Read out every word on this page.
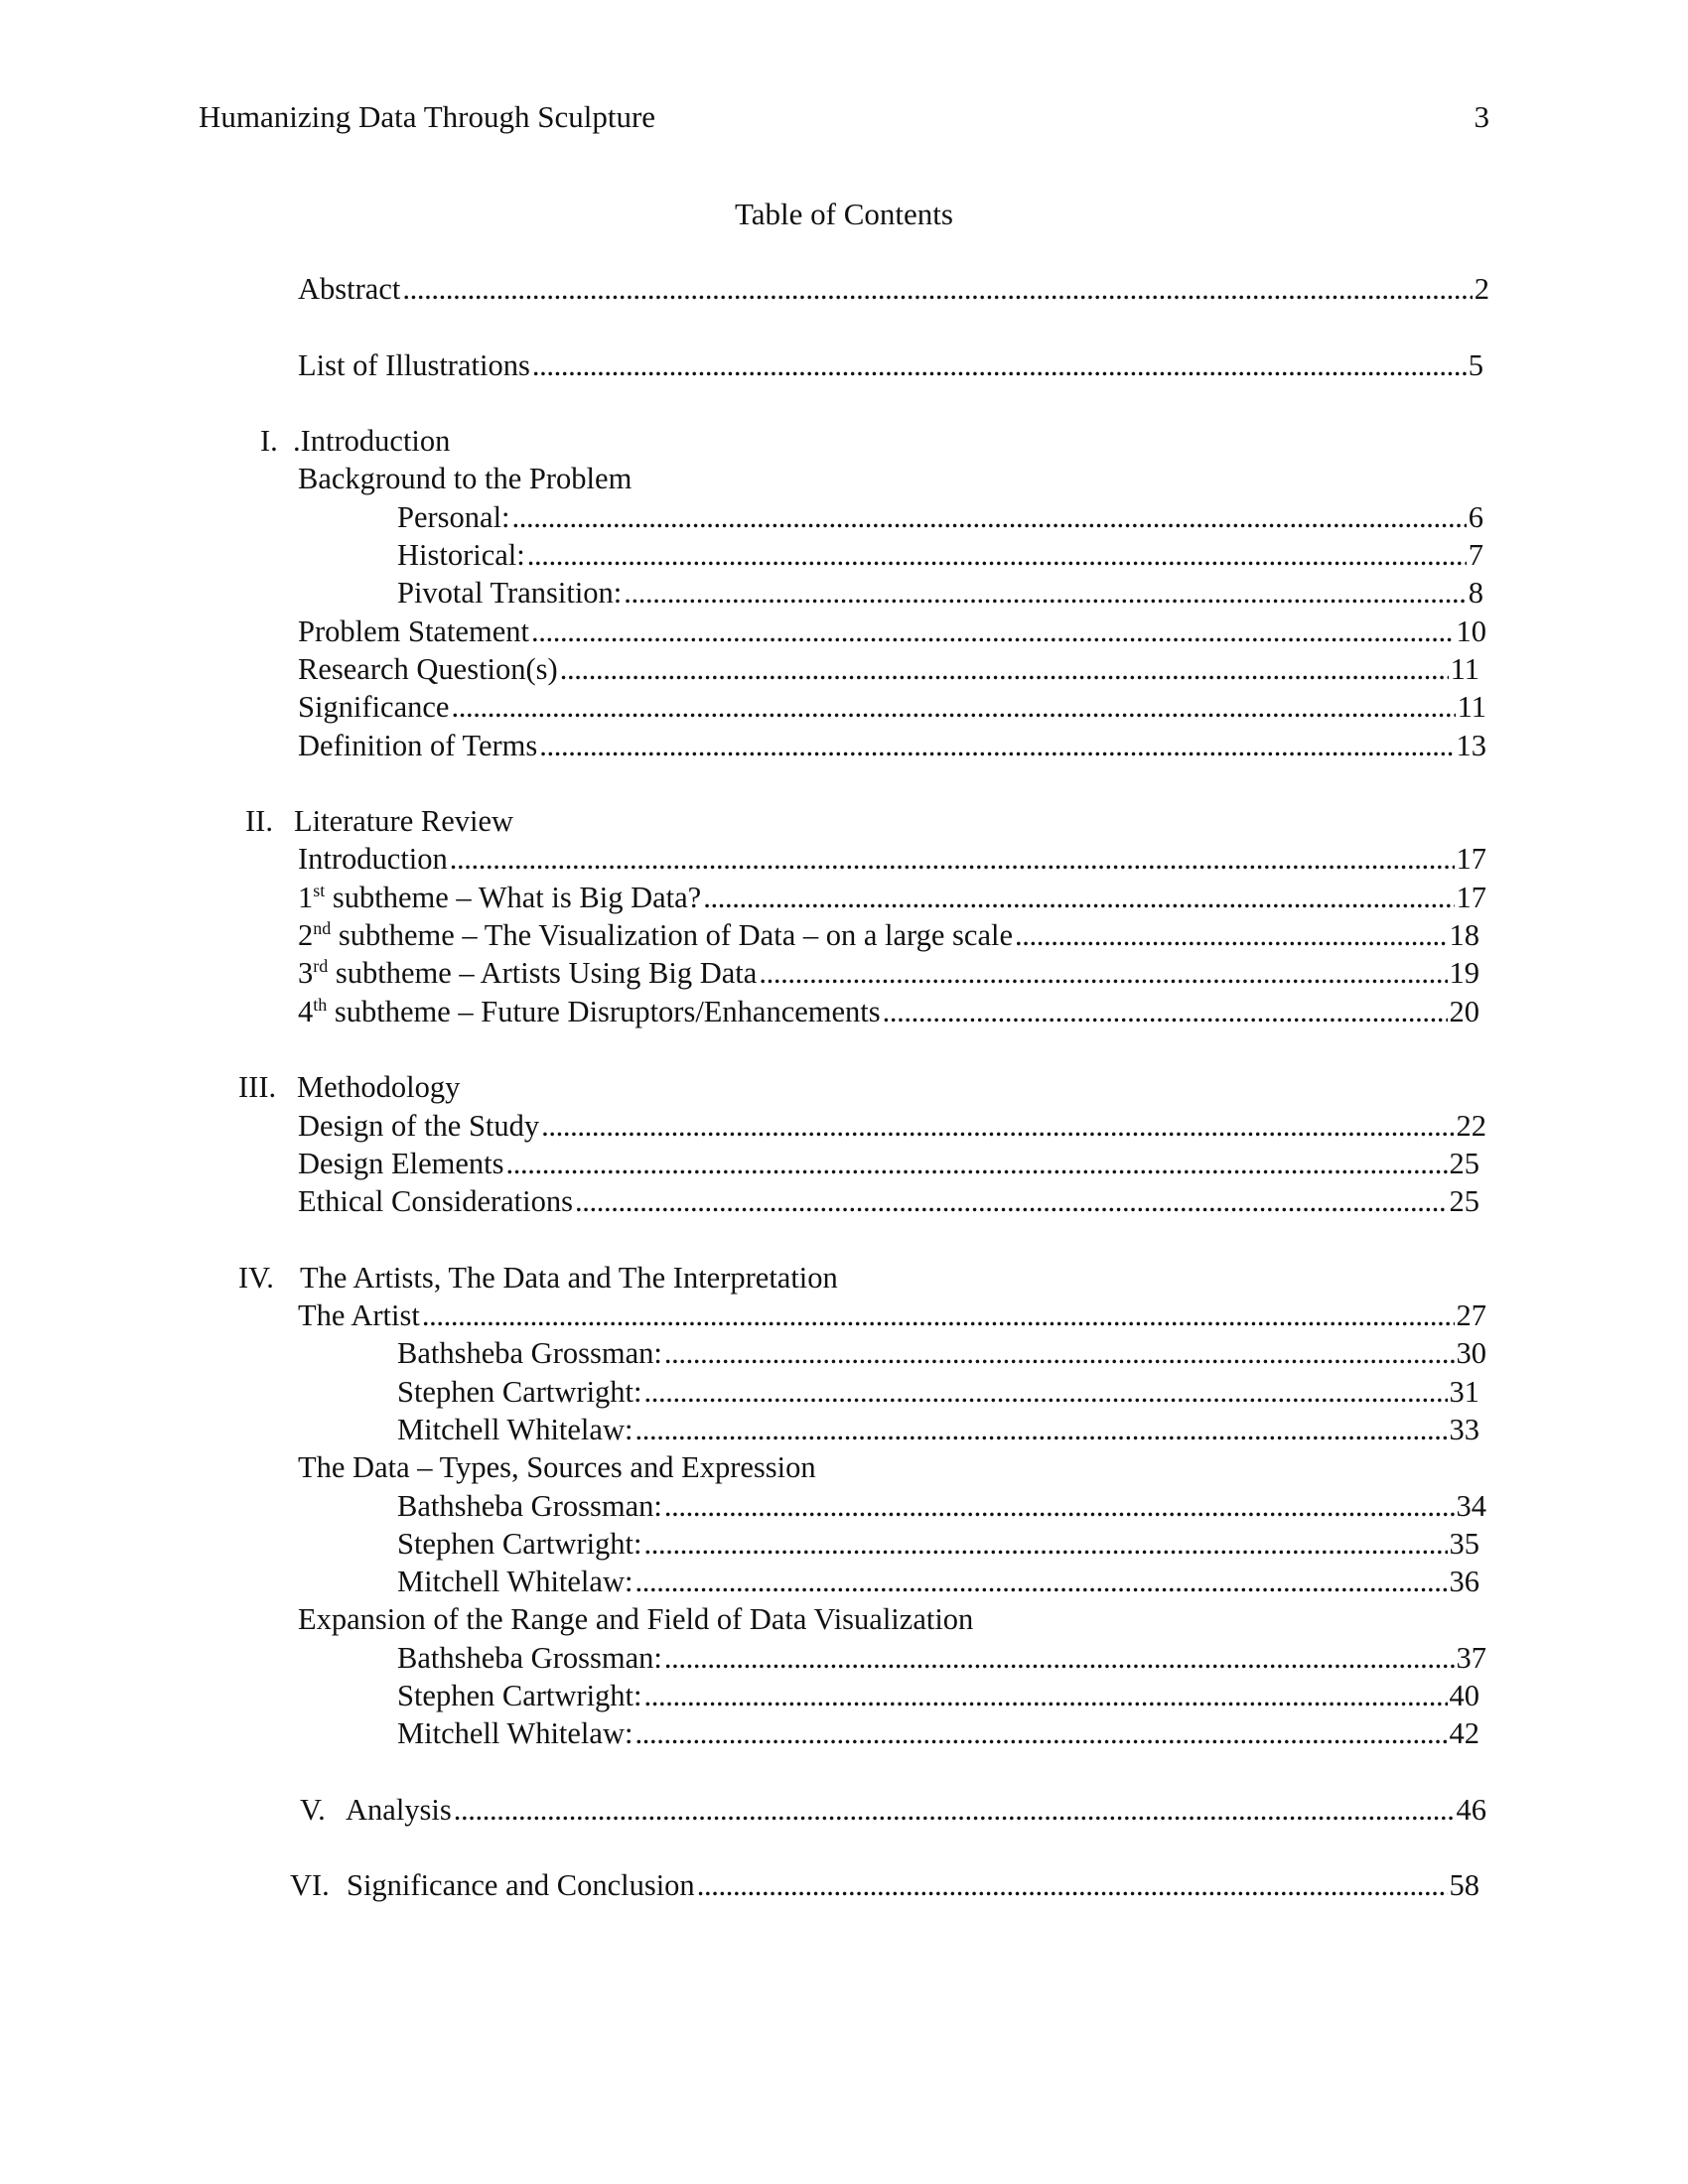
Humanizing Data Through Sculpture	3
Table of Contents
Abstract . . .	2
List of Illustrations . . .	5
I. .Introduction
Background to the Problem
Personal: . . .	6
Historical: . . .	7
Pivotal Transition: . . .	8
Problem Statement . . .	10
Research Question(s) . . .	11
Significance . . .	11
Definition of Terms . . .	13
II. Literature Review
Introduction . . .	17
1st subtheme – What is Big Data? . . .	17
2nd subtheme – The Visualization of Data – on a large scale . . .	18
3rd subtheme – Artists Using Big Data . . .	19
4th subtheme – Future Disruptors/Enhancements . . .	20
III. Methodology
Design of the Study . . .	22
Design Elements . . .	25
Ethical Considerations . . .	25
IV. The Artists, The Data and The Interpretation
The Artist . . .	27
Bathsheba Grossman: . . .	30
Stephen Cartwright: . . .	31
Mitchell Whitelaw: . . .	33
The Data – Types, Sources and Expression
Bathsheba Grossman: . . .	34
Stephen Cartwright: . . .	35
Mitchell Whitelaw: . . .	36
Expansion of the Range and Field of Data Visualization
Bathsheba Grossman: . . .	37
Stephen Cartwright: . . .	40
Mitchell Whitelaw: . . .	42
V. Analysis . . .	46
VI. Significance and Conclusion . . .	58
